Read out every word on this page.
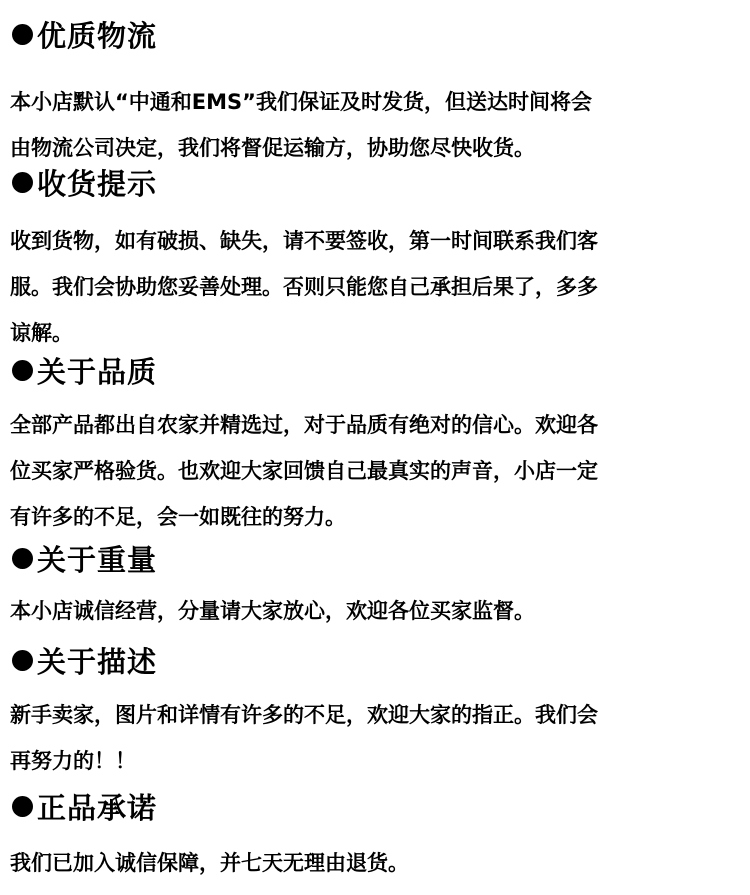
优质物流
本小店默认“中通和EMS”我们保证及时发货，但送达时间将会
由物流公司决定，我们将督促运输方，协助您尽快收货。
收货提示
收到货物，如有破损、缺失，请不要签收，第一时间联系我们客
服。我们会协助您妥善处理。否则只能您自己承担后果了，多多
谅解。
关于品质
全部产品都出自农家并精选过，对于品质有绝对的信心。欢迎各
位买家严格验货。也欢迎大家回馈自己最真实的声音，小店一定
有许多的不足，会一如既往的努力。
关于重量
本小店诚信经营，分量请大家放心，欢迎各位买家监督。
关于描述
新手卖家，图片和详情有许多的不足，欢迎大家的指正。我们会
再努力的！！
正品承诺
我们已加入诚信保障，并七天无理由退货。
